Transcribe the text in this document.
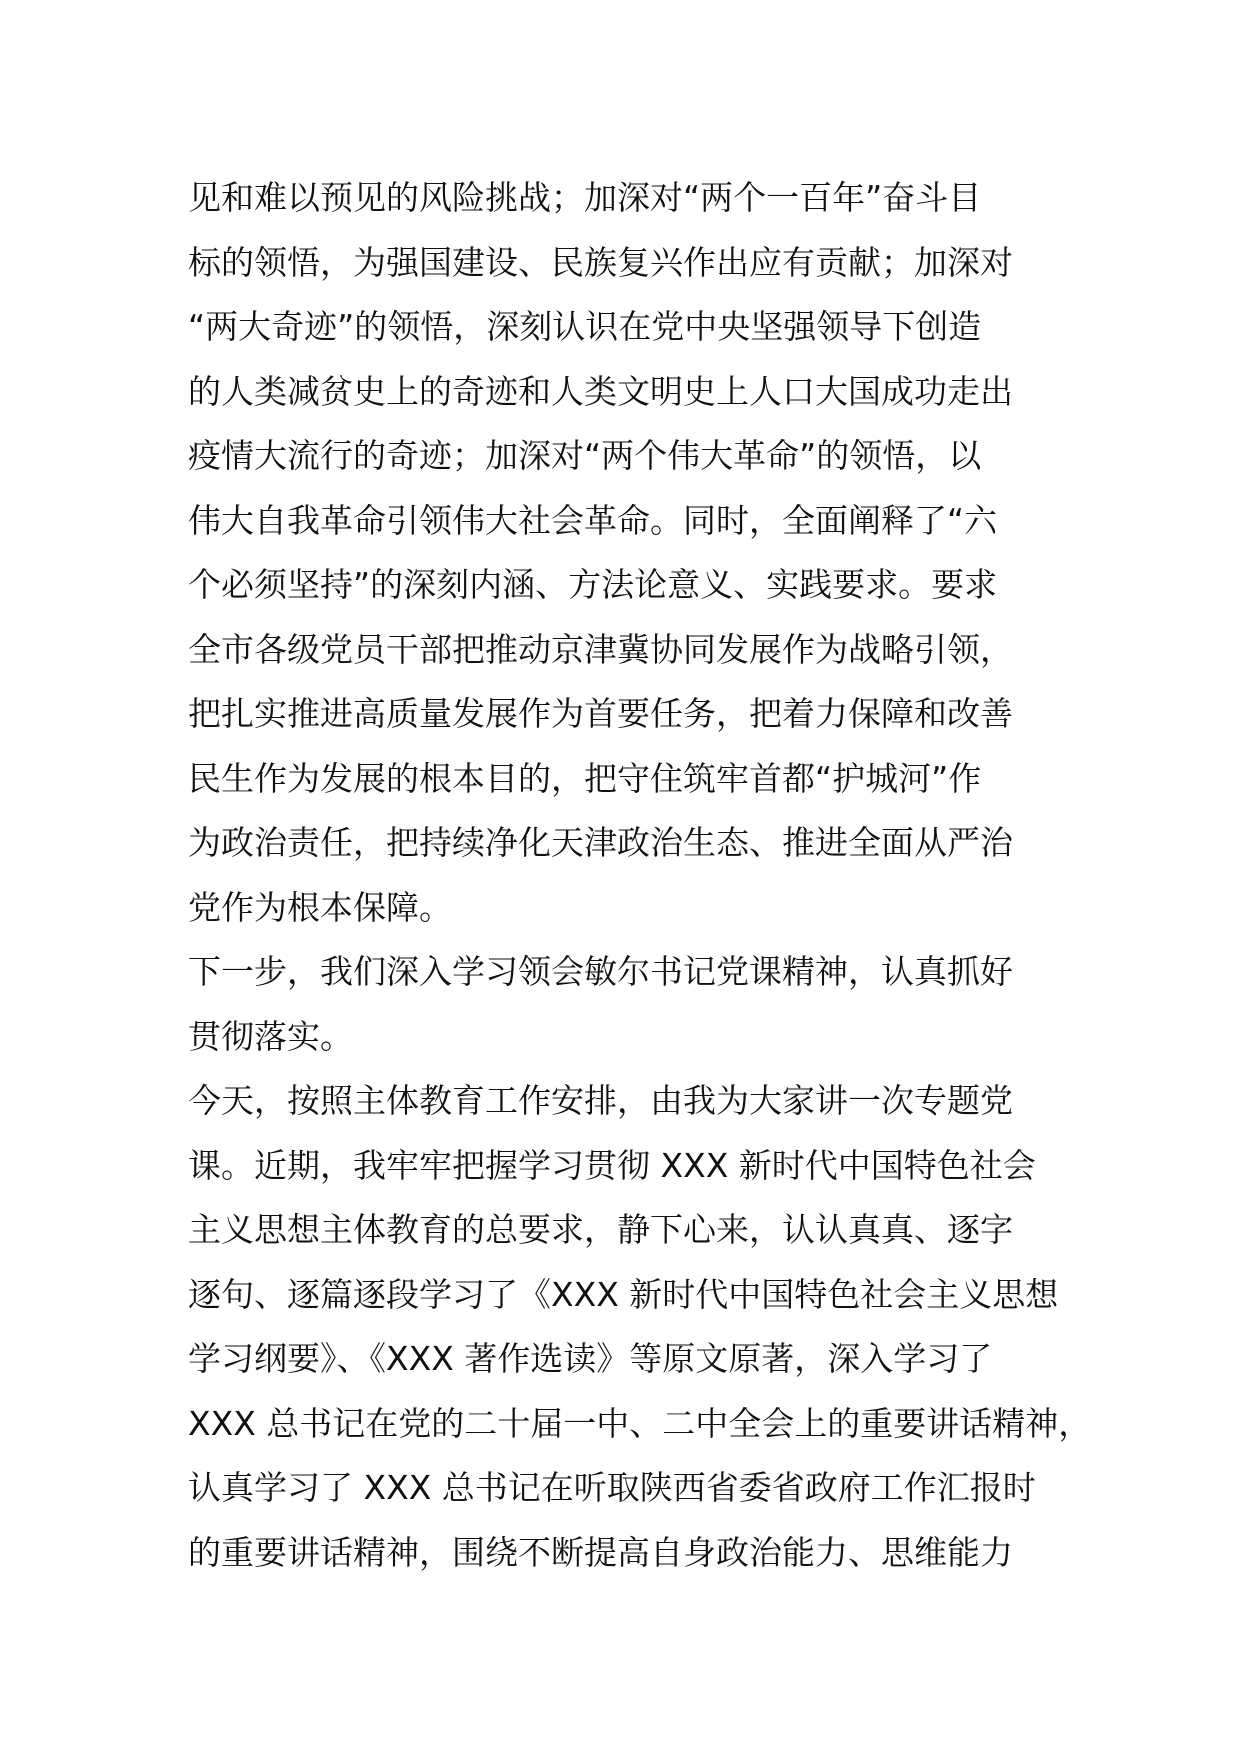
见和难以预见的风险挑战；加深对“两个一百年”奋斗目
标的领悟，为强国建设、民族复兴作出应有贡献；加深对
“两大奇迹”的领悟，深刻认识在党中央坚强领导下创造
的人类减贫史上的奇迹和人类文明史上人口大国成功走出
疫情大流行的奇迹；加深对“两个伟大革命”的领悟，以
伟大自我革命引领伟大社会革命。同时，全面阐释了“六
个必须坚持”的深刻内涵、方法论意义、实践要求。要求
全市各级党员干部把推动京津冀协同发展作为战略引领，
把扎实推进高质量发展作为首要任务，把着力保障和改善
民生作为发展的根本目的，把守住筑牢首都“护城河”作
为政治责任，把持续净化天津政治生态、推进全面从严治
党作为根本保障。
下一步，我们深入学习领会敏尔书记党课精神，认真抓好
贯彻落实。
今天，按照主体教育工作安排，由我为大家讲一次专题党
课。近期，我牢牢把握学习贯彻 XXX 新时代中国特色社会
主义思想主体教育的总要求，静下心来，认认真真、逐字
逐句、逐篇逐段学习了《XXX 新时代中国特色社会主义思想
学习纲要》、《XXX 著作选读》等原文原著，深入学习了
XXX 总书记在党的二十届一中、二中全会上的重要讲话精神，
认真学习了 XXX 总书记在听取陕西省委省政府工作汇报时
的重要讲话精神，围绕不断提高自身政治能力、思维能力
